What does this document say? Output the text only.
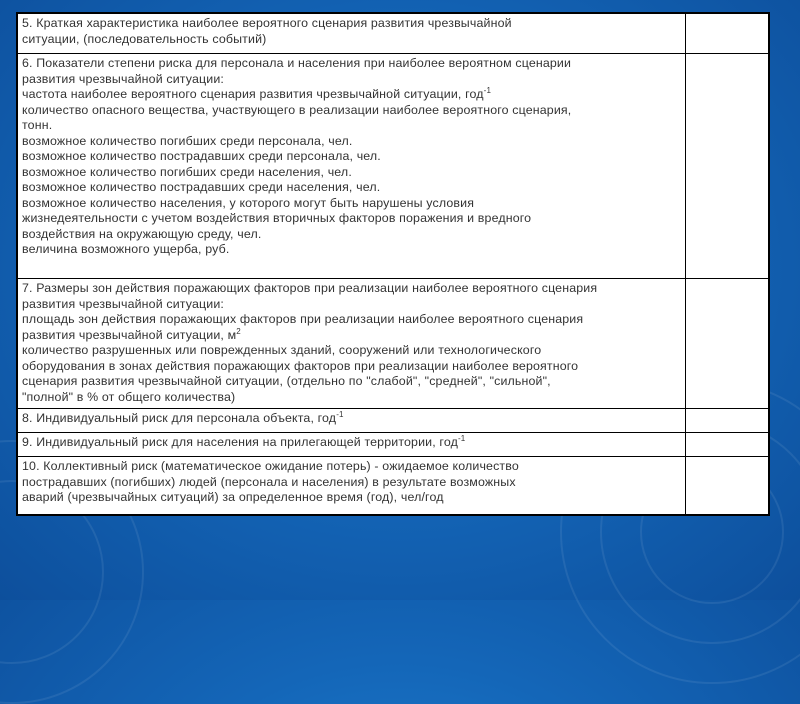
5. Краткая характеристика наиболее вероятного сценария развития чрезвычайной
ситуации, (последовательность событий)
6. Показатели степени риска для персонала и населения при наиболее вероятном сценарии
развития чрезвычайной ситуации:
частота наиболее вероятного сценария развития чрезвычайной ситуации, год$^{-1}$
количество опасного вещества, участвующего в реализации наиболее вероятного сценария,
тонн.
возможное количество погибших среди персонала, чел.
возможное количество пострадавших среди персонала, чел.
возможное количество погибших среди населения, чел.
возможное количество пострадавших среди населения, чел.
возможное количество населения, у которого могут быть нарушены условия
жизнедеятельности с учетом воздействия вторичных факторов поражения и вредного
воздействия на окружающую среду, чел.
величина возможного ущерба, руб.
7. Размеры зон действия поражающих факторов при реализации наиболее вероятного сценария
развития чрезвычайной ситуации:
площадь зон действия поражающих факторов при реализации наиболее вероятного сценария
развития чрезвычайной ситуации, $м^2$
количество разрушенных или поврежденных зданий, сооружений или технологического
оборудования в зонах действия поражающих факторов при реализации наиболее вероятного
сценария развития чрезвычайной ситуации, (отдельно по "слабой", "средней", "сильной",
"полной" в % от общего количества)
8. Индивидуальный риск для персонала объекта, год$^{-1}$
9. Индивидуальный риск для населения на прилегающей территории, год$^{-1}$
10. Коллективный риск (математическое ожидание потерь) - ожидаемое количество
пострадавших (погибших) людей (персонала и населения) в результате возможных
аварий (чрезвычайных ситуаций) за определенное время (год), чел/год
